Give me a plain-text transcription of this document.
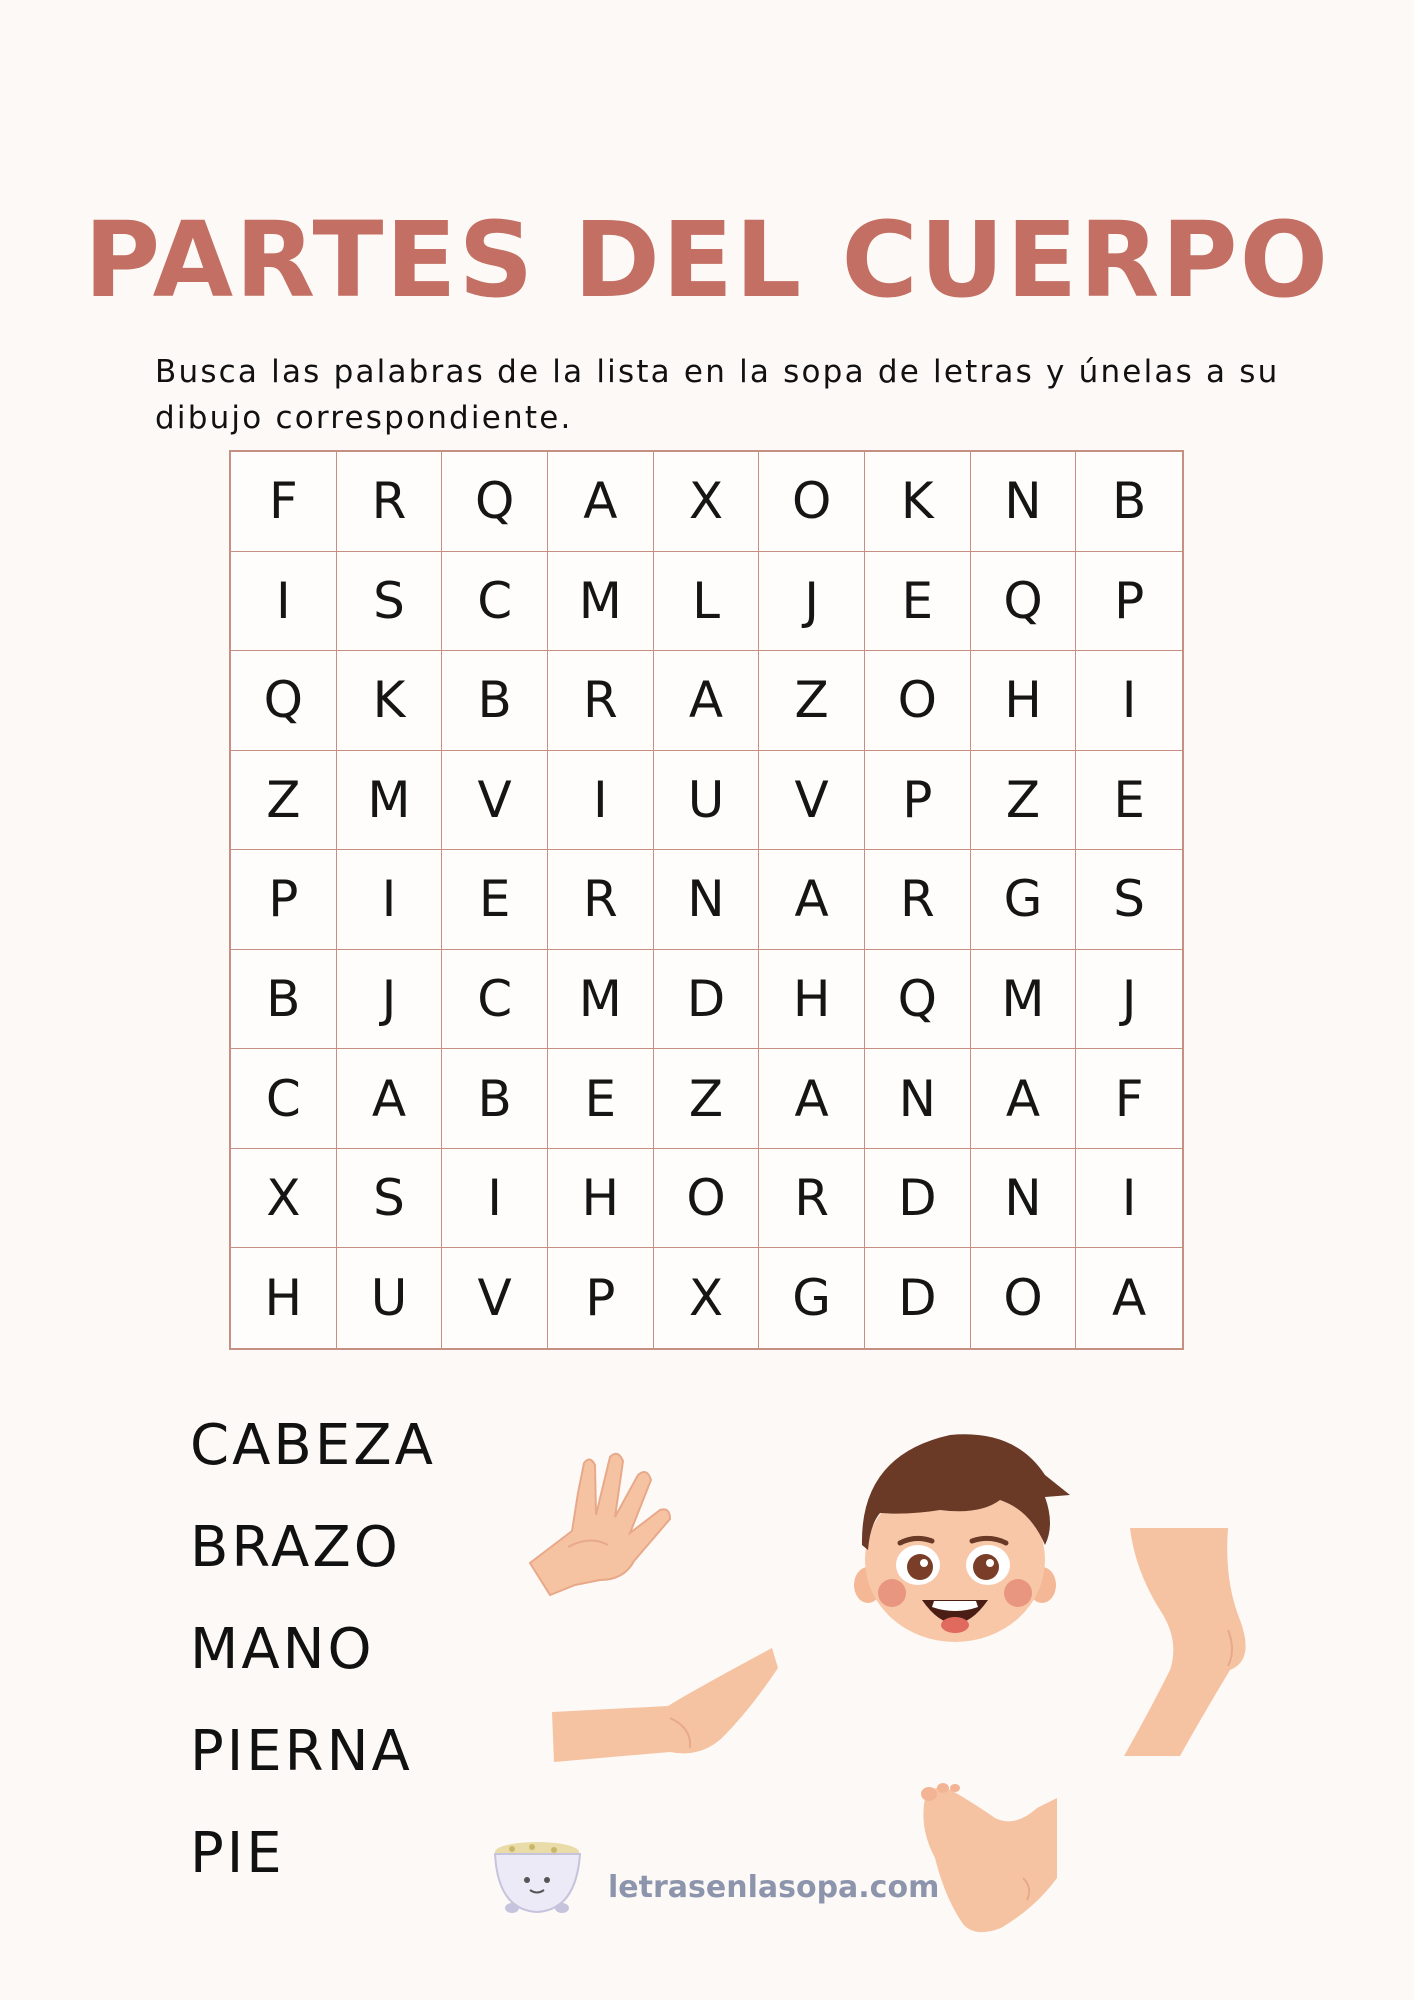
PARTES DEL CUERPO

Busca las palabras de la lista en la sopa de letras y únelas a su dibujo correspondiente.

F	R	Q	A	X	O	K	N	B
I	S	C	M	L	J	E	Q	P
Q	K	B	R	A	Z	O	H	I
Z	M	V	I	U	V	P	Z	E
P	I	E	R	N	A	R	G	S
B	J	C	M	D	H	Q	M	J
C	A	B	E	Z	A	N	A	F
X	S	I	H	O	R	D	N	I
H	U	V	P	X	G	D	O	A
CABEZA
BRAZO
MANO
PIERNA
PIE
letrasenlasopa.com
